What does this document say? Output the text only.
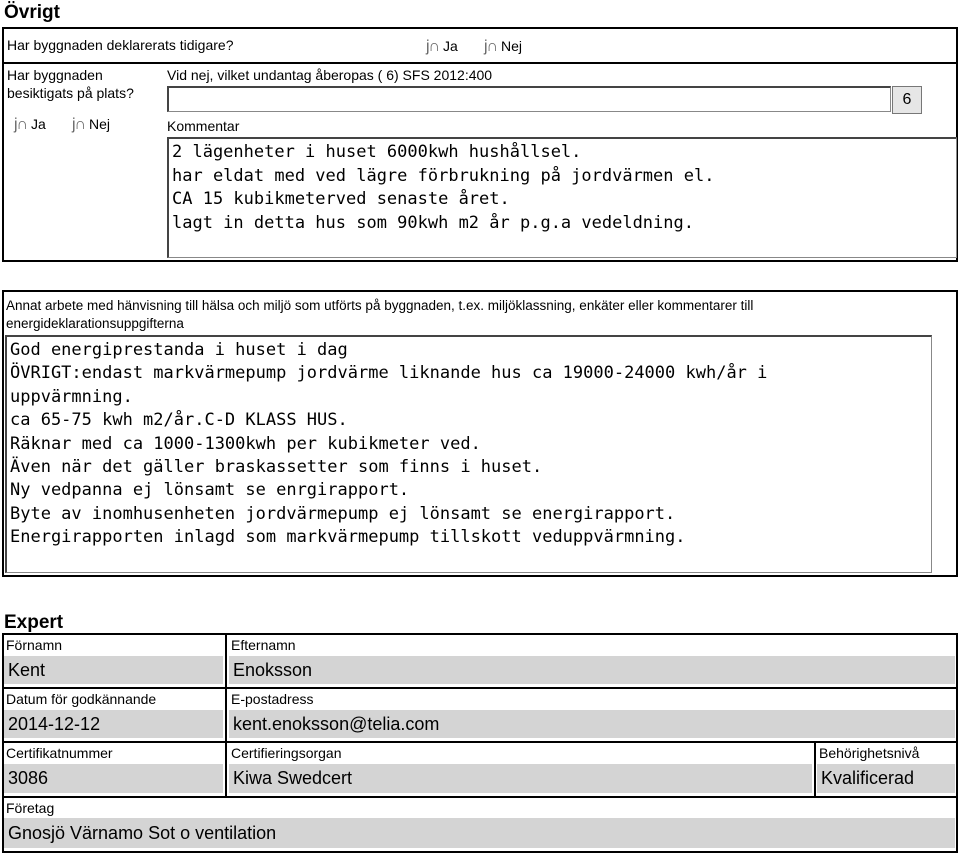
Övrigt
Har byggnaden deklarerats tidigare?	j∩ Ja j∩ Nej
Har byggnaden
besiktigats på plats?
j∩ Ja j∩ Nej
Vid nej, vilket undantag åberopas ( 6) SFS 2012:400
6
Kommentar
2 lägenheter i huset 6000kwh hushållsel.
har eldat med ved lägre förbrukning på jordvärmen el.
CA 15 kubikmeterved senaste året.
lagt in detta hus som 90kwh m2 år p.g.a vedeldning.
Annat arbete med hänvisning till hälsa och miljö som utförts på byggnaden, t.ex. miljöklassning, enkäter eller kommentarer till
energideklarationsuppgifterna
God energiprestanda i huset i dag
ÖVRIGT:endast markvärmepump jordvärme liknande hus ca 19000-24000 kwh/år i
uppvärmning.
ca 65-75 kwh m2/år.C-D KLASS HUS.
Räknar med ca 1000-1300kwh per kubikmeter ved.
Även när det gäller braskassetter som finns i huset.
Ny vedpanna ej lönsamt se enrgirapport.
Byte av inomhusenheten jordvärmepump ej lönsamt se energirapport.
Energirapporten inlagd som markvärmepump tillskott veduppvärmning.
Expert
Förnamn
Kent
Efternamn
Enoksson
Datum för godkännande
2014-12-12
E-postadress
kent.enoksson@telia.com
Certifikatnummer
3086
Certifieringsorgan
Kiwa Swedcert
Behörighetsnivå
Kvalificerad
Företag
Gnosjö Värnamo Sot o ventilation
